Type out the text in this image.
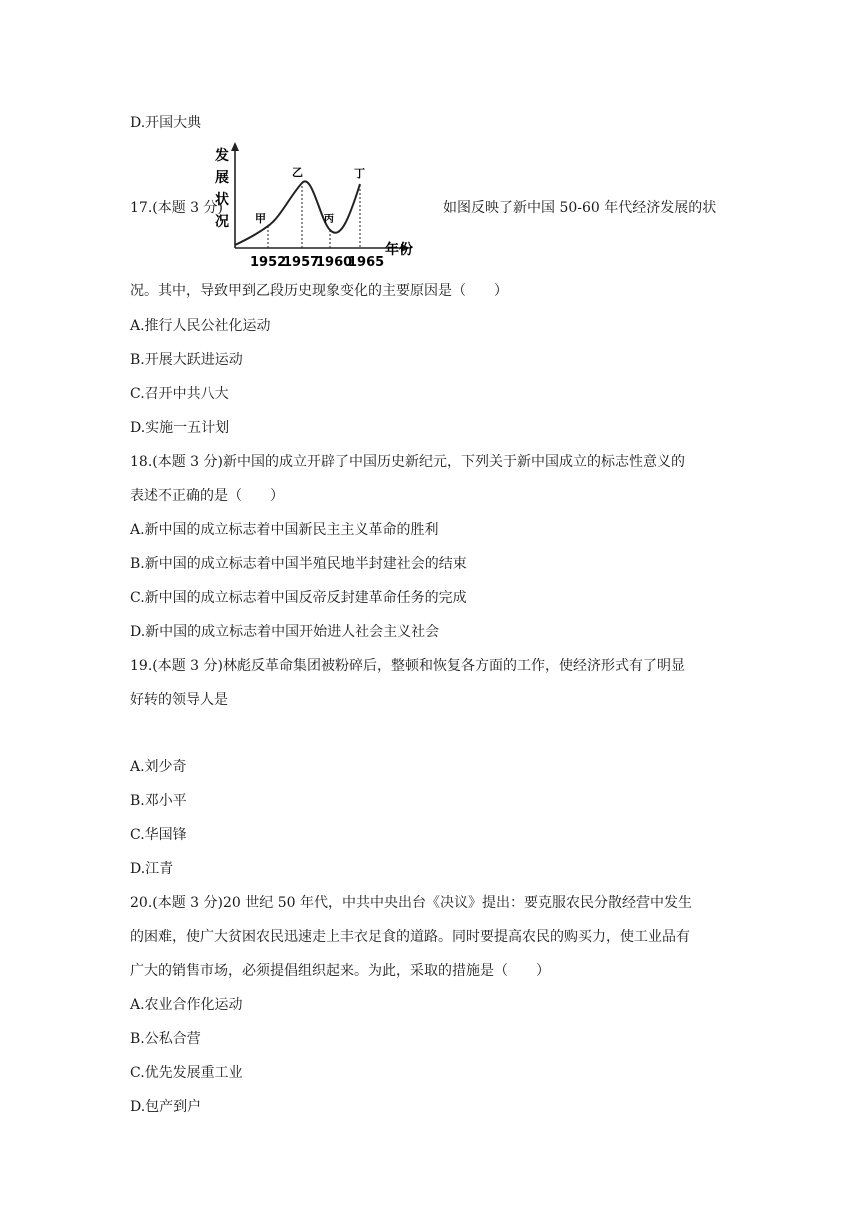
D.开国大典
况。其中，导致甲到乙段历史现象变化的主要原因是（　　）
A.推行人民公社化运动
B.开展大跃进运动
C.召开中共八大
D.实施一五计划
18.(本题 3 分)新中国的成立开辟了中国历史新纪元，下列关于新中国成立的标志性意义的
表述不正确的是（　　）
A.新中国的成立标志着中国新民主主义革命的胜利
B.新中国的成立标志着中国半殖民地半封建社会的结束
C.新中国的成立标志着中国反帝反封建革命任务的完成
D.新中国的成立标志着中国开始进人社会主义社会
19.(本题 3 分)林彪反革命集团被粉碎后，整顿和恢复各方面的工作，使经济形式有了明显
好转的领导人是
A.刘少奇
B.邓小平
C.华国锋
D.江青
20.(本题 3 分)20 世纪 50 年代，中共中央出台《决议》提出：要克服农民分散经营中发生
的困难，使广大贫困农民迅速走上丰衣足食的道路。同时要提高农民的购买力，使工业品有
广大的销售市场，必须提倡组织起来。为此，采取的措施是（　　）
A.农业合作化运动
B.公私合营
C.优先发展重工业
D.包产到户
17.(本题 3 分)	如图反映了新中国 50-60 年代经济发展的状
发
展
状
况 甲
乙
丙
丁
年份
1952
1957
1960
1965
